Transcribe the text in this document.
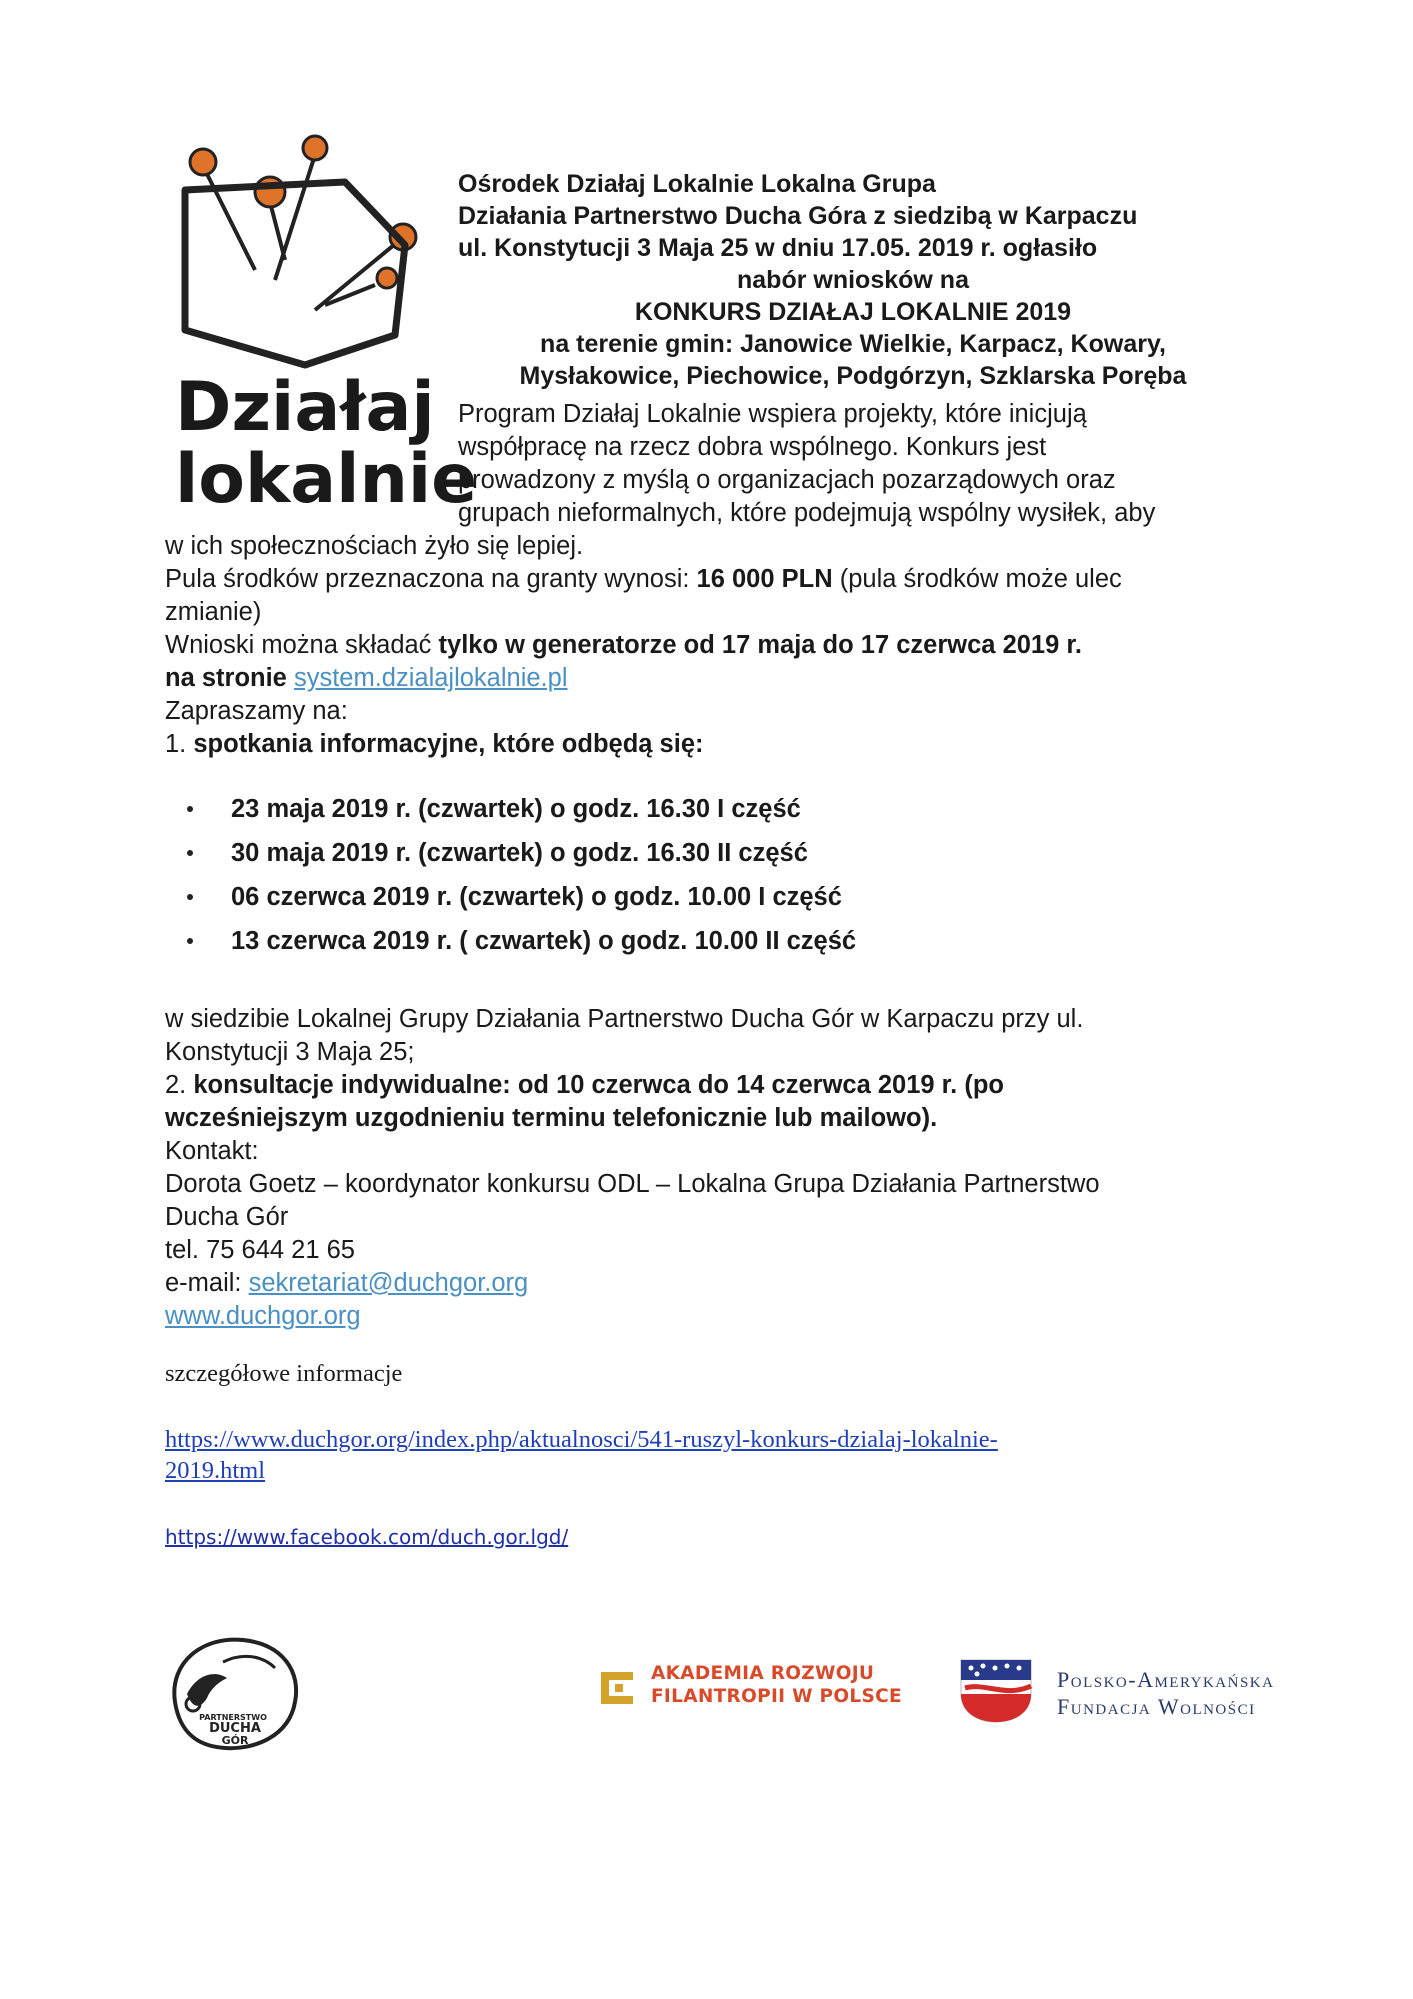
Działaj
lokalnie
Ośrodek Działaj Lokalnie Lokalna Grupa
Działania Partnerstwo Ducha Góra z siedzibą w Karpaczu
ul. Konstytucji 3 Maja 25 w dniu 17.05. 2019 r. ogłasiło
nabór wniosków na
KONKURS DZIAŁAJ LOKALNIE 2019
na terenie gmin: Janowice Wielkie, Karpacz, Kowary,
Mysłakowice, Piechowice, Podgórzyn, Szklarska Poręba
Program Działaj Lokalnie wspiera projekty, które inicjują
współpracę na rzecz dobra wspólnego. Konkurs jest
prowadzony z myślą o organizacjach pozarządowych oraz
grupach nieformalnych, które podejmują wspólny wysiłek, aby
w ich społecznościach żyło się lepiej.
Pula środków przeznaczona na granty wynosi: 16 000 PLN (pula środków może ulec
zmianie)
Wnioski można składać tylko w generatorze od 17 maja do 17 czerwca 2019 r.
na stronie system.dzialajlokalnie.pl
Zapraszamy na:
1. spotkania informacyjne, które odbędą się:
23 maja 2019 r. (czwartek) o godz. 16.30 I część
30 maja 2019 r. (czwartek) o godz. 16.30 II część
06 czerwca 2019 r. (czwartek) o godz. 10.00 I część
13 czerwca 2019 r. ( czwartek) o godz. 10.00 II część
w siedzibie Lokalnej Grupy Działania Partnerstwo Ducha Gór w Karpaczu przy ul.
Konstytucji 3 Maja 25;
2. konsultacje indywidualne: od 10 czerwca do 14 czerwca 2019 r. (po
wcześniejszym uzgodnieniu terminu telefonicznie lub mailowo).
Kontakt:
Dorota Goetz – koordynator konkursu ODL – Lokalna Grupa Działania Partnerstwo
Ducha Gór
tel. 75 644 21 65
e-mail: sekretariat@duchgor.org
www.duchgor.org
szczegółowe informacje
https://www.duchgor.org/index.php/aktualnosci/541-ruszyl-konkurs-dzialaj-lokalnie-
2019.html
https://www.facebook.com/duch.gor.lgd/
PARTNERSTWO
DUCHA
GÓR
AKADEMIA ROZWOJU
FILANTROPII W POLSCE
Polsko-Amerykańska
Fundacja Wolności
